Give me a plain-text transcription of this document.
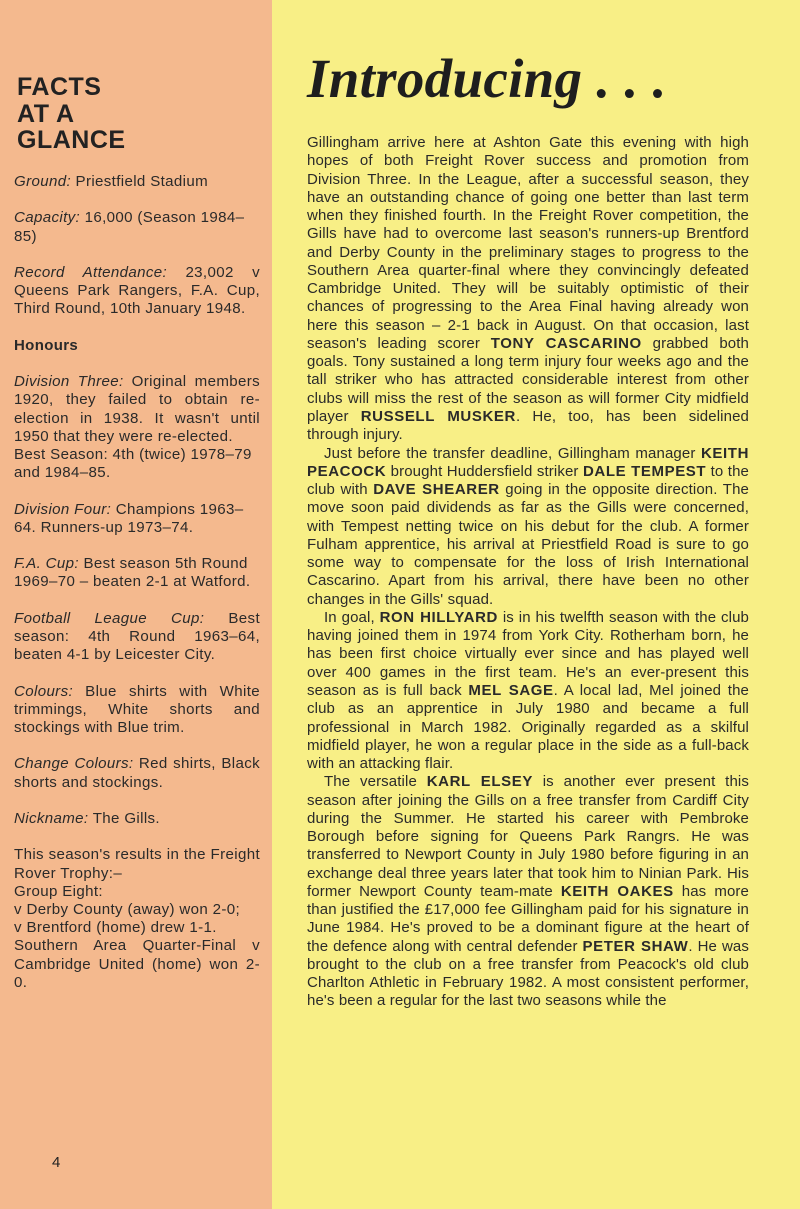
FACTS
AT A
GLANCE

Ground: Priestfield Stadium

Capacity: 16,000 (Season 1984–85)

Record Attendance: 23,002 v Queens Park Rangers, F.A. Cup, Third Round, 10th January 1948.

Honours

Division Three: Original members 1920, they failed to obtain re-election in 1938. It wasn't until 1950 that they were re-elected.

Best Season: 4th (twice) 1978–79 and 1984–85.

Division Four: Champions 1963–64. Runners-up 1973–74.

F.A. Cup: Best season 5th Round 1969–70 – beaten 2-1 at Watford.

Football League Cup: Best season: 4th Round 1963–64, beaten 4-1 by Leicester City.

Colours: Blue shirts with White trimmings, White shorts and stockings with Blue trim.

Change Colours: Red shirts, Black shorts and stockings.

Nickname: The Gills.

This season's results in the Freight Rover Trophy:–

Group Eight:
v Derby County (away) won 2-0;
v Brentford (home) drew 1-1.
Southern Area Quarter-Final v Cambridge United (home) won 2-0.
4
Introducing . . .

Gillingham arrive here at Ashton Gate this evening with high hopes of both Freight Rover success and promotion from Division Three. In the League, after a successful season, they have an outstanding chance of going one better than last term when they finished fourth. In the Freight Rover competition, the Gills have had to overcome last season's runners-up Brentford and Derby County in the preliminary stages to progress to the Southern Area quarter-final where they convincingly defeated Cambridge United. They will be suitably optimistic of their chances of progressing to the Area Final having already won here this season – 2-1 back in August. On that occasion, last season's leading scorer TONY CASCARINO grabbed both goals. Tony sustained a long term injury four weeks ago and the tall striker who has attracted considerable interest from other clubs will miss the rest of the season as will former City midfield player RUSSELL MUSKER. He, too, has been sidelined through injury.

Just before the transfer deadline, Gillingham manager KEITH PEACOCK brought Huddersfield striker DALE TEMPEST to the club with DAVE SHEARER going in the opposite direction. The move soon paid dividends as far as the Gills were concerned, with Tempest netting twice on his debut for the club. A former Fulham apprentice, his arrival at Priestfield Road is sure to go some way to compensate for the loss of Irish International Cascarino. Apart from his arrival, there have been no other changes in the Gills' squad.

In goal, RON HILLYARD is in his twelfth season with the club having joined them in 1974 from York City. Rotherham born, he has been first choice virtually ever since and has played well over 400 games in the first team. He's an ever-present this season as is full back MEL SAGE. A local lad, Mel joined the club as an apprentice in July 1980 and became a full professional in March 1982. Originally regarded as a skilful midfield player, he won a regular place in the side as a full-back with an attacking flair.

The versatile KARL ELSEY is another ever present this season after joining the Gills on a free transfer from Cardiff City during the Summer. He started his career with Pembroke Borough before signing for Queens Park Rangrs. He was transferred to Newport County in July 1980 before figuring in an exchange deal three years later that took him to Ninian Park. His former Newport County team-mate KEITH OAKES has more than justified the £17,000 fee Gillingham paid for his signature in June 1984. He's proved to be a dominant figure at the heart of the defence along with central defender PETER SHAW. He was brought to the club on a free transfer from Peacock's old club Charlton Athletic in February 1982. A most consistent performer, he's been a regular for the last two seasons while the
